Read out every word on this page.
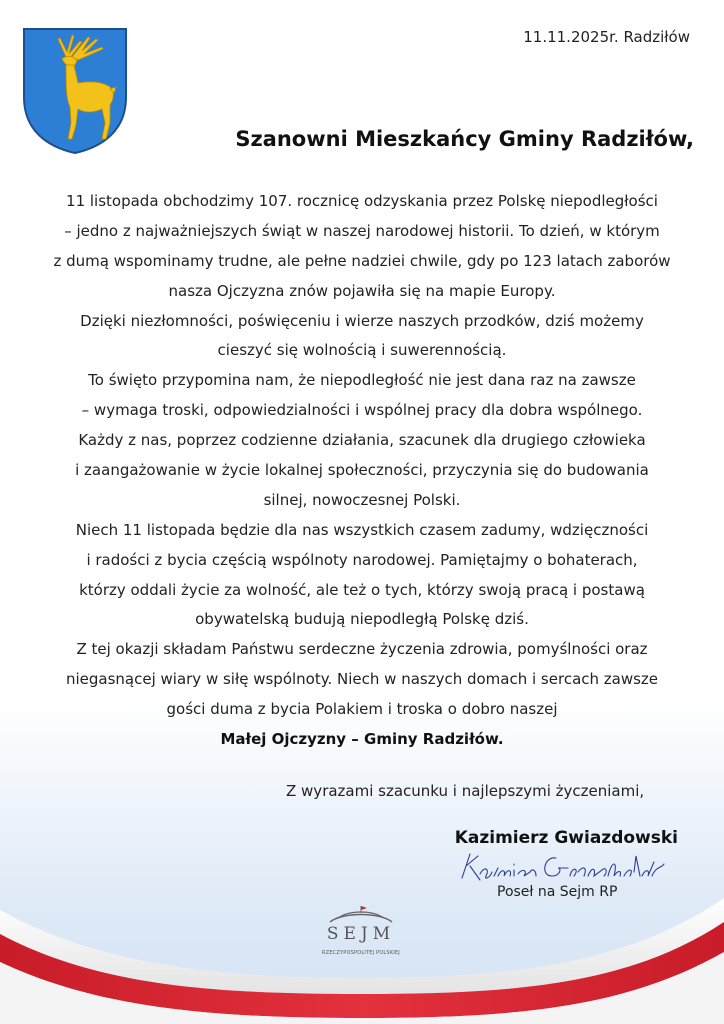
11.11.2025r. Radziłów
Szanowni Mieszkańcy Gminy Radziłów,
11 listopada obchodzimy 107. rocznicę odzyskania przez Polskę niepodległości
– jedno z najważniejszych świąt w naszej narodowej historii. To dzień, w którym
z dumą wspominamy trudne, ale pełne nadziei chwile, gdy po 123 latach zaborów
nasza Ojczyzna znów pojawiła się na mapie Europy.
Dzięki niezłomności, poświęceniu i wierze naszych przodków, dziś możemy
cieszyć się wolnością i suwerennością.
To święto przypomina nam, że niepodległość nie jest dana raz na zawsze
– wymaga troski, odpowiedzialności i wspólnej pracy dla dobra wspólnego.
Każdy z nas, poprzez codzienne działania, szacunek dla drugiego człowieka
i zaangażowanie w życie lokalnej społeczności, przyczynia się do budowania
silnej, nowoczesnej Polski.
Niech 11 listopada będzie dla nas wszystkich czasem zadumy, wdzięczności
i radości z bycia częścią wspólnoty narodowej. Pamiętajmy o bohaterach,
którzy oddali życie za wolność, ale też o tych, którzy swoją pracą i postawą
obywatelską budują niepodległą Polskę dziś.
Z tej okazji składam Państwu serdeczne życzenia zdrowia, pomyślności oraz
niegasnącej wiary w siłę wspólnoty. Niech w naszych domach i sercach zawsze
gości duma z bycia Polakiem i troska o dobro naszej
Małej Ojczyzny – Gminy Radziłów.
Z wyrazami szacunku i najlepszymi życzeniami,
Kazimierz Gwiazdowski
Poseł na Sejm RP
SEJM
RZECZYPOSPOLITEJ POLSKIEJ
